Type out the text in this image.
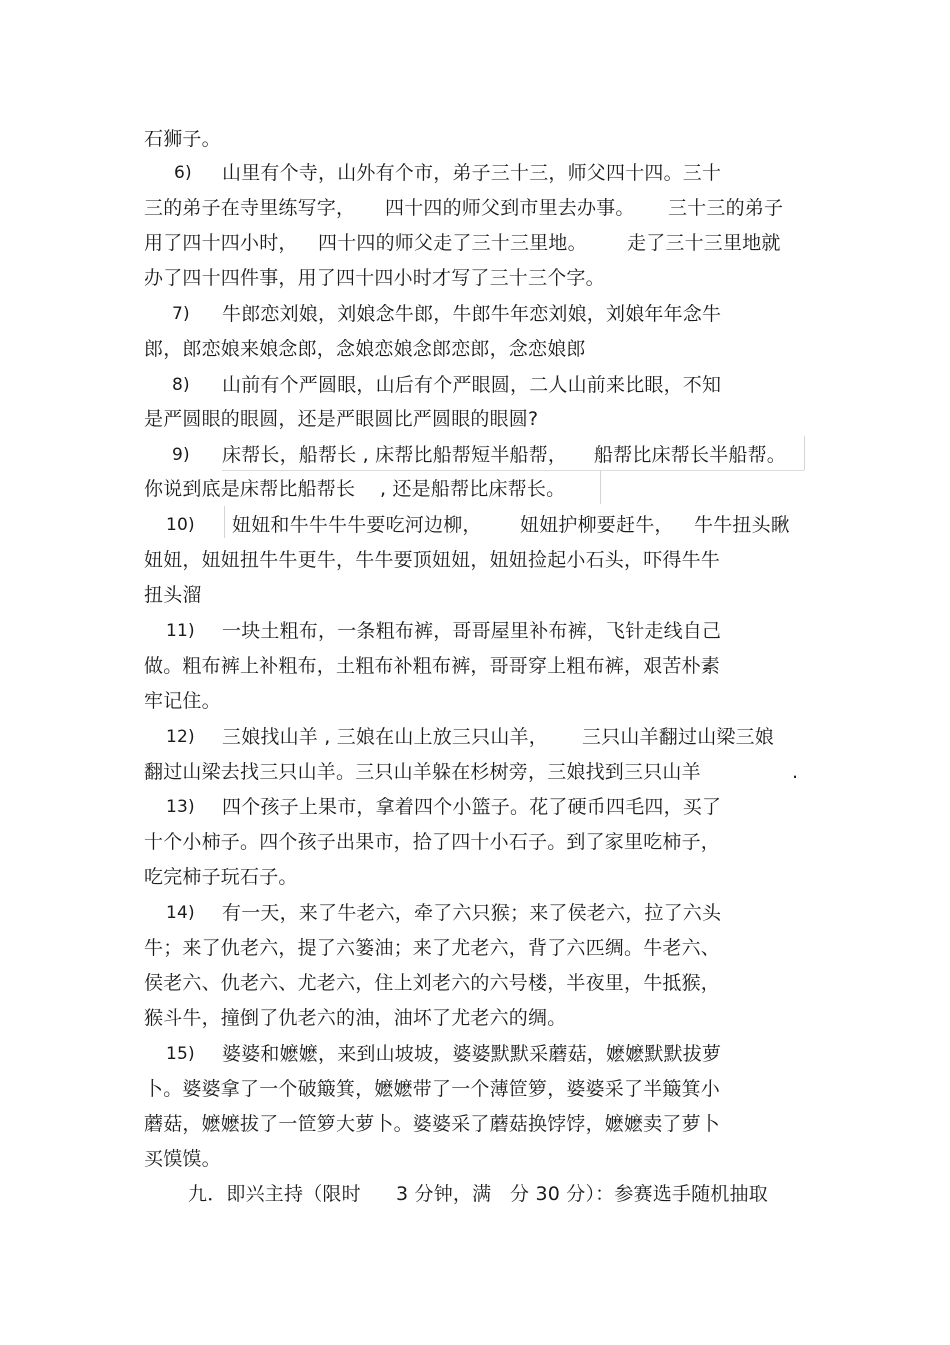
石狮子。
6) 山里有个寺，山外有个市，弟子三十三，师父四十四。三十
三的弟子在寺里练写字， 四十四的师父到市里去办事。 三十三的弟子
用了四十四小时， 四十四的师父走了三十三里地。 走了三十三里地就
办了四十四件事，用了四十四小时才写了三十三个字。
7) 牛郎恋刘娘，刘娘念牛郎，牛郎牛年恋刘娘，刘娘年年念牛
郎，郎恋娘来娘念郎，念娘恋娘念郎恋郎，念恋娘郎
8) 山前有个严圆眼，山后有个严眼圆，二人山前来比眼，不知
是严圆眼的眼圆，还是严眼圆比严圆眼的眼圆?
9) 床帮长，船帮长 , 床帮比船帮短半船帮， 船帮比床帮长半船帮。
你说到底是床帮比船帮长 , 还是船帮比床帮长。
10) 妞妞和牛牛牛牛要吃河边柳， 妞妞护柳要赶牛， 牛牛扭头瞅
妞妞，妞妞扭牛牛更牛，牛牛要顶妞妞，妞妞捡起小石头，吓得牛牛
扭头溜
11) 一块土粗布，一条粗布裤，哥哥屋里补布裤，飞针走线自己
做。粗布裤上补粗布，土粗布补粗布裤，哥哥穿上粗布裤，艰苦朴素
牢记住。
12) 三娘找山羊 , 三娘在山上放三只山羊， 三只山羊翻过山梁三娘
翻过山梁去找三只山羊。三只山羊躲在杉树旁，三娘找到三只山羊	.
13) 四个孩子上果市，拿着四个小篮子。花了硬币四毛四，买了
十个小柿子。四个孩子出果市，拾了四十小石子。到了家里吃柿子，
吃完柿子玩石子。
14) 有一天，来了牛老六，牵了六只猴；来了侯老六，拉了六头
牛；来了仇老六，提了六篓油；来了尤老六，背了六匹绸。牛老六、
侯老六、仇老六、尤老六，住上刘老六的六号楼，半夜里，牛抵猴，
猴斗牛，撞倒了仇老六的油，油坏了尤老六的绸。
15) 婆婆和嬷嬷，来到山坡坡，婆婆默默采蘑菇，嬷嬷默默拔萝
卜。婆婆拿了一个破簸箕，嬷嬷带了一个薄笸箩，婆婆采了半簸箕小
蘑菇，嬷嬷拔了一笸箩大萝卜。婆婆采了蘑菇换饽饽，嬷嬷卖了萝卜
买馍馍。
九．即兴主持（限时 3 分钟，满 分 30 分）：参赛选手随机抽取
